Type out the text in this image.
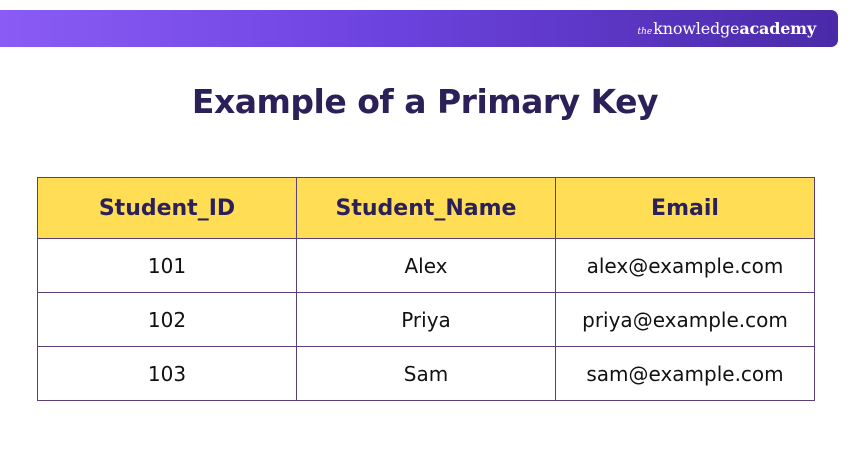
the knowledge academy
Example of a Primary Key
Student_ID	Student_Name	Email
101	Alex	alex@example.com
102	Priya	priya@example.com
103	Sam	sam@example.com
